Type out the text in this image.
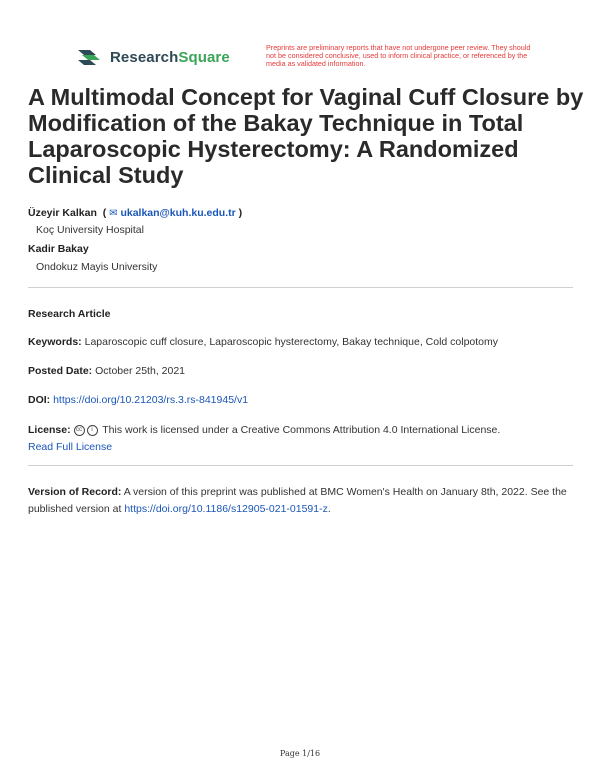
ResearchSquare
Preprints are preliminary reports that have not undergone peer review. They should not be considered conclusive, used to inform clinical practice, or referenced by the media as validated information.
A Multimodal Concept for Vaginal Cuff Closure by Modification of the Bakay Technique in Total Laparoscopic Hysterectomy: A Randomized Clinical Study
Üzeyir Kalkan  ( ✉ ukalkan@kuh.ku.edu.tr )
Koç University Hospital
Kadir Bakay
Ondokuz Mayis University
Research Article
Keywords: Laparoscopic cuff closure, Laparoscopic hysterectomy, Bakay technique, Cold colpotomy
Posted Date: October 25th, 2021
DOI: https://doi.org/10.21203/rs.3.rs-841945/v1
License: cc i This work is licensed under a Creative Commons Attribution 4.0 International License.
Read Full License
Version of Record: A version of this preprint was published at BMC Women's Health on January 8th, 2022. See the published version at https://doi.org/10.1186/s12905-021-01591-z.
Page 1/16
